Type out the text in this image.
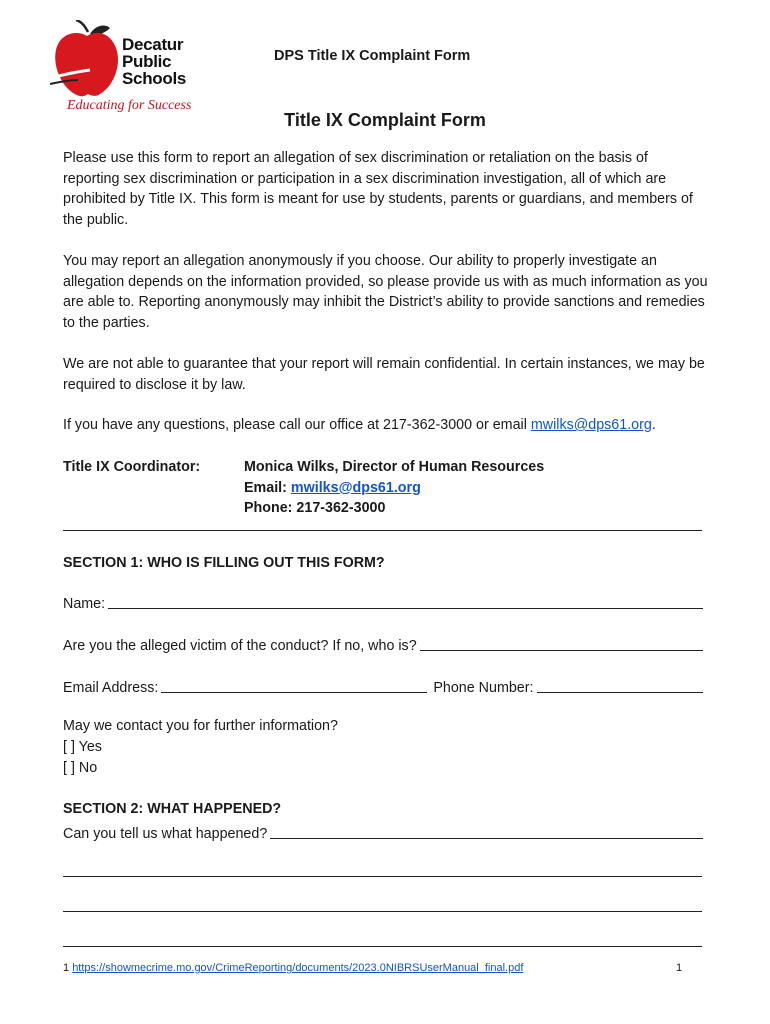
Decatur
Public
Schools
Educating for Success
DPS Title IX Complaint Form
Title IX Complaint Form

Please use this form to report an allegation of sex discrimination or retaliation on the basis of reporting sex discrimination or participation in a sex discrimination investigation, all of which are prohibited by Title IX. This form is meant for use by students, parents or guardians, and members of the public.

You may report an allegation anonymously if you choose. Our ability to properly investigate an allegation depends on the information provided, so please provide us with as much information as you are able to. Reporting anonymously may inhibit the District’s ability to provide sanctions and remedies to the parties.

We are not able to guarantee that your report will remain confidential. In certain instances, we may be required to disclose it by law.

If you have any questions, please call our office at 217-362-3000 or email mwilks@dps61.org.

Title IX Coordinator:	Monica Wilks, Director of Human Resources
Email: mwilks@dps61.org
Phone: 217-362-3000
SECTION 1: WHO IS FILLING OUT THIS FORM?
Name:
Are you the alleged victim of the conduct? If no, who is?
Email Address:	Phone Number:
May we contact you for further information?
[ ] Yes
[ ] No
SECTION 2: WHAT HAPPENED?
Can you tell us what happened?
1 https://showmecrime.mo.gov/CrimeReporting/documents/2023.0NIBRSUserManual_final.pdf	1
